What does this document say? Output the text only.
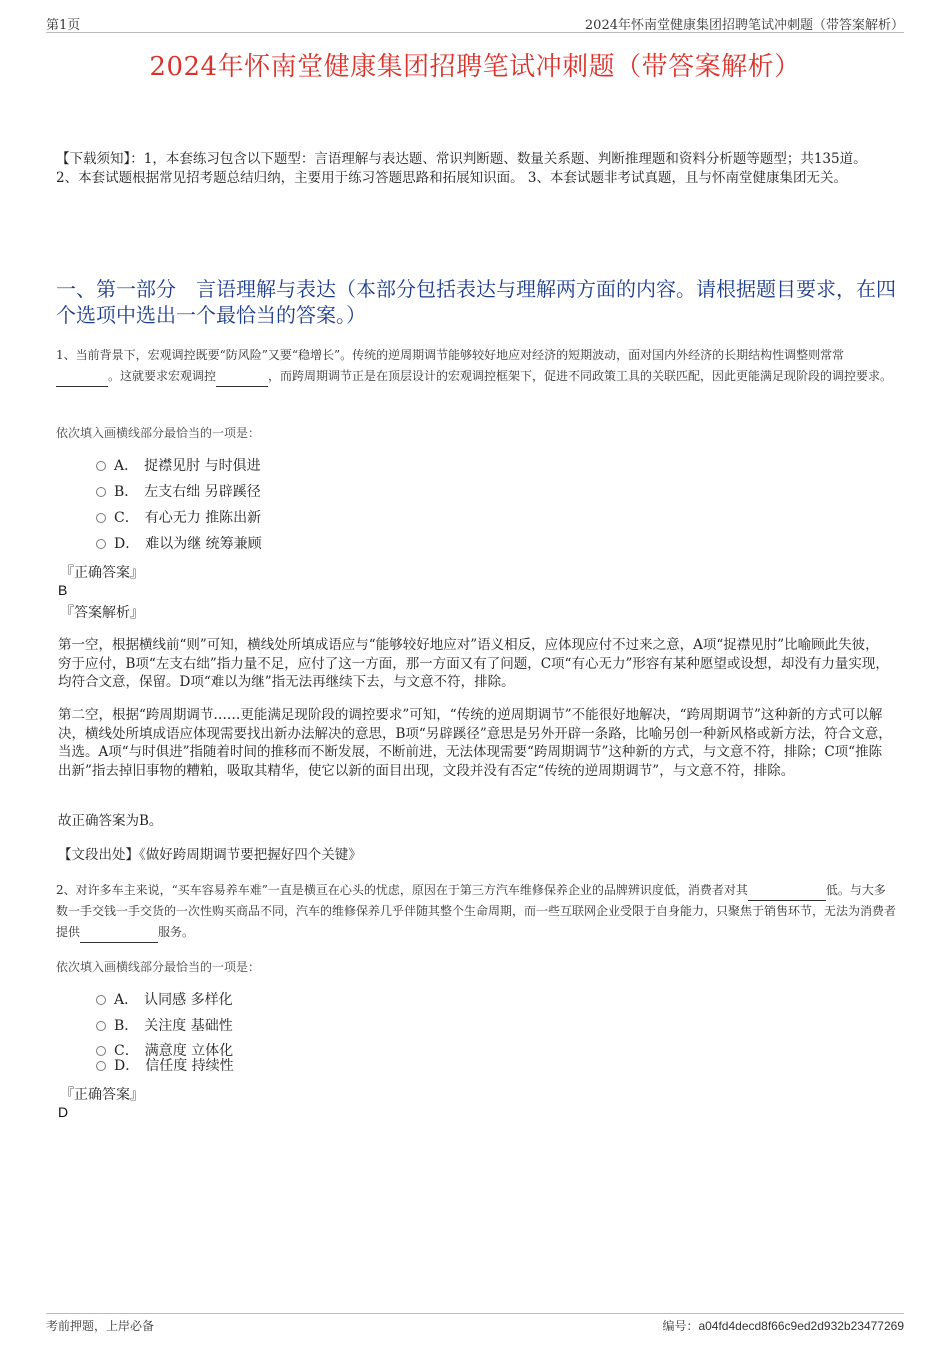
第1页	2024年怀南堂健康集团招聘笔试冲刺题（带答案解析）
2024年怀南堂健康集团招聘笔试冲刺题（带答案解析）
【下载须知】：1，本套练习包含以下题型：言语理解与表达题、常识判断题、数量关系题、判断推理题和资料分析题等题型；共135道。 2、本套试题根据常见招考题总结归纳，主要用于练习答题思路和拓展知识面。 3、本套试题非考试真题，且与怀南堂健康集团无关。
一、第一部分　言语理解与表达（本部分包括表达与理解两方面的内容。请根据题目要求，在四个选项中选出一个最恰当的答案。）
1、当前背景下，宏观调控既要“防风险”又要“稳增长”。传统的逆周期调节能够较好地应对经济的短期波动，面对国内外经济的长期结构性调整则常常。这就要求宏观调控	，而跨周期调节正是在顶层设计的宏观调控框架下，促进不同政策工具的关联匹配，因此更能满足现阶段的调控要求。
依次填入画横线部分最恰当的一项是：
A． 捉襟见肘 与时俱进
B． 左支右绌 另辟蹊径
C． 有心无力 推陈出新
D． 难以为继 统筹兼顾
『正确答案』
B
『答案解析』
第一空，根据横线前“则”可知，横线处所填成语应与“能够较好地应对”语义相反，应体现应付不过来之意，A项“捉襟见肘”比喻顾此失彼，穷于应付，B项“左支右绌”指力量不足，应付了这一方面，那一方面又有了问题，C项“有心无力”形容有某种愿望或设想，却没有力量实现，均符合文意，保留。D项“难以为继”指无法再继续下去，与文意不符，排除。
第二空，根据“跨周期调节……更能满足现阶段的调控要求”可知，“传统的逆周期调节”不能很好地解决，“跨周期调节”这种新的方式可以解决，横线处所填成语应体现需要找出新办法解决的意思，B项“另辟蹊径”意思是另外开辟一条路，比喻另创一种新风格或新方法，符合文意，当选。A项“与时俱进”指随着时间的推移而不断发展，不断前进，无法体现需要“跨周期调节”这种新的方式，与文意不符，排除；C项“推陈出新”指去掉旧事物的糟粕，吸取其精华，使它以新的面目出现，文段并没有否定“传统的逆周期调节”，与文意不符，排除。
故正确答案为B。
【文段出处】《做好跨周期调节要把握好四个关键》
2、对许多车主来说，“买车容易养车难”一直是横亘在心头的忧虑，原因在于第三方汽车维修保养企业的品牌辨识度低，消费者对其	低。与大多数一手交钱一手交货的一次性购买商品不同，汽车的维修保养几乎伴随其整个生命周期，而一些互联网企业受限于自身能力，只聚焦于销售环节，无法为消费者提供	服务。
依次填入画横线部分最恰当的一项是：
A． 认同感 多样化
B． 关注度 基础性
C． 满意度 立体化
D． 信任度 持续性
『正确答案』
D
考前押题，上岸必备	编号：a04fd4decd8f66c9ed2d932b23477269
